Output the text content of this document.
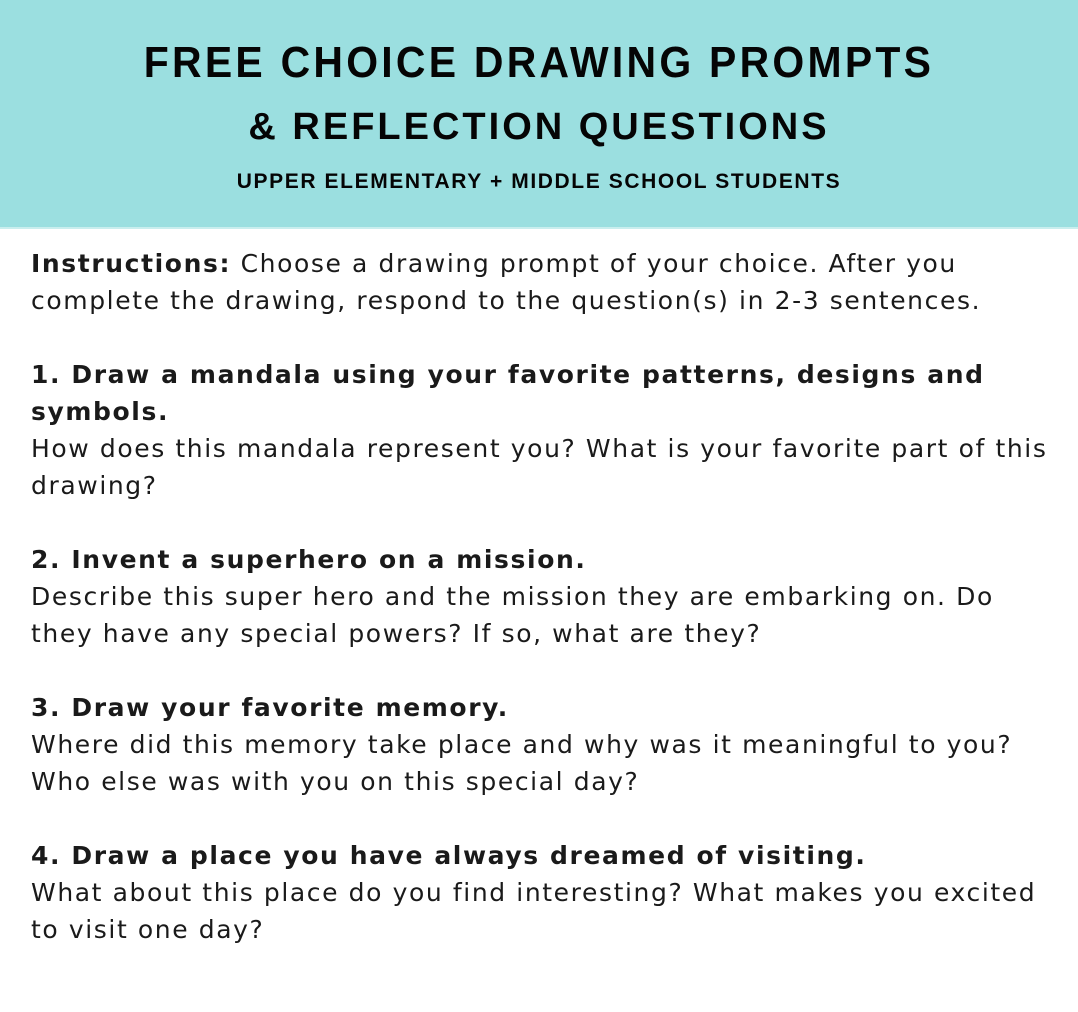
FREE CHOICE DRAWING PROMPTS
& REFLECTION QUESTIONS
UPPER ELEMENTARY + MIDDLE SCHOOL STUDENTS

Instructions: Choose a drawing prompt of your choice. After you complete the drawing, respond to the question(s) in 2-3 sentences.

1. Draw a mandala using your favorite patterns, designs and symbols.

How does this mandala represent you? What is your favorite part of this drawing?

2. Invent a superhero on a mission.

Describe this super hero and the mission they are embarking on. Do they have any special powers? If so, what are they?

3. Draw your favorite memory.

Where did this memory take place and why was it meaningful to you? Who else was with you on this special day?

4. Draw a place you have always dreamed of visiting.

What about this place do you find interesting? What makes you excited to visit one day?
